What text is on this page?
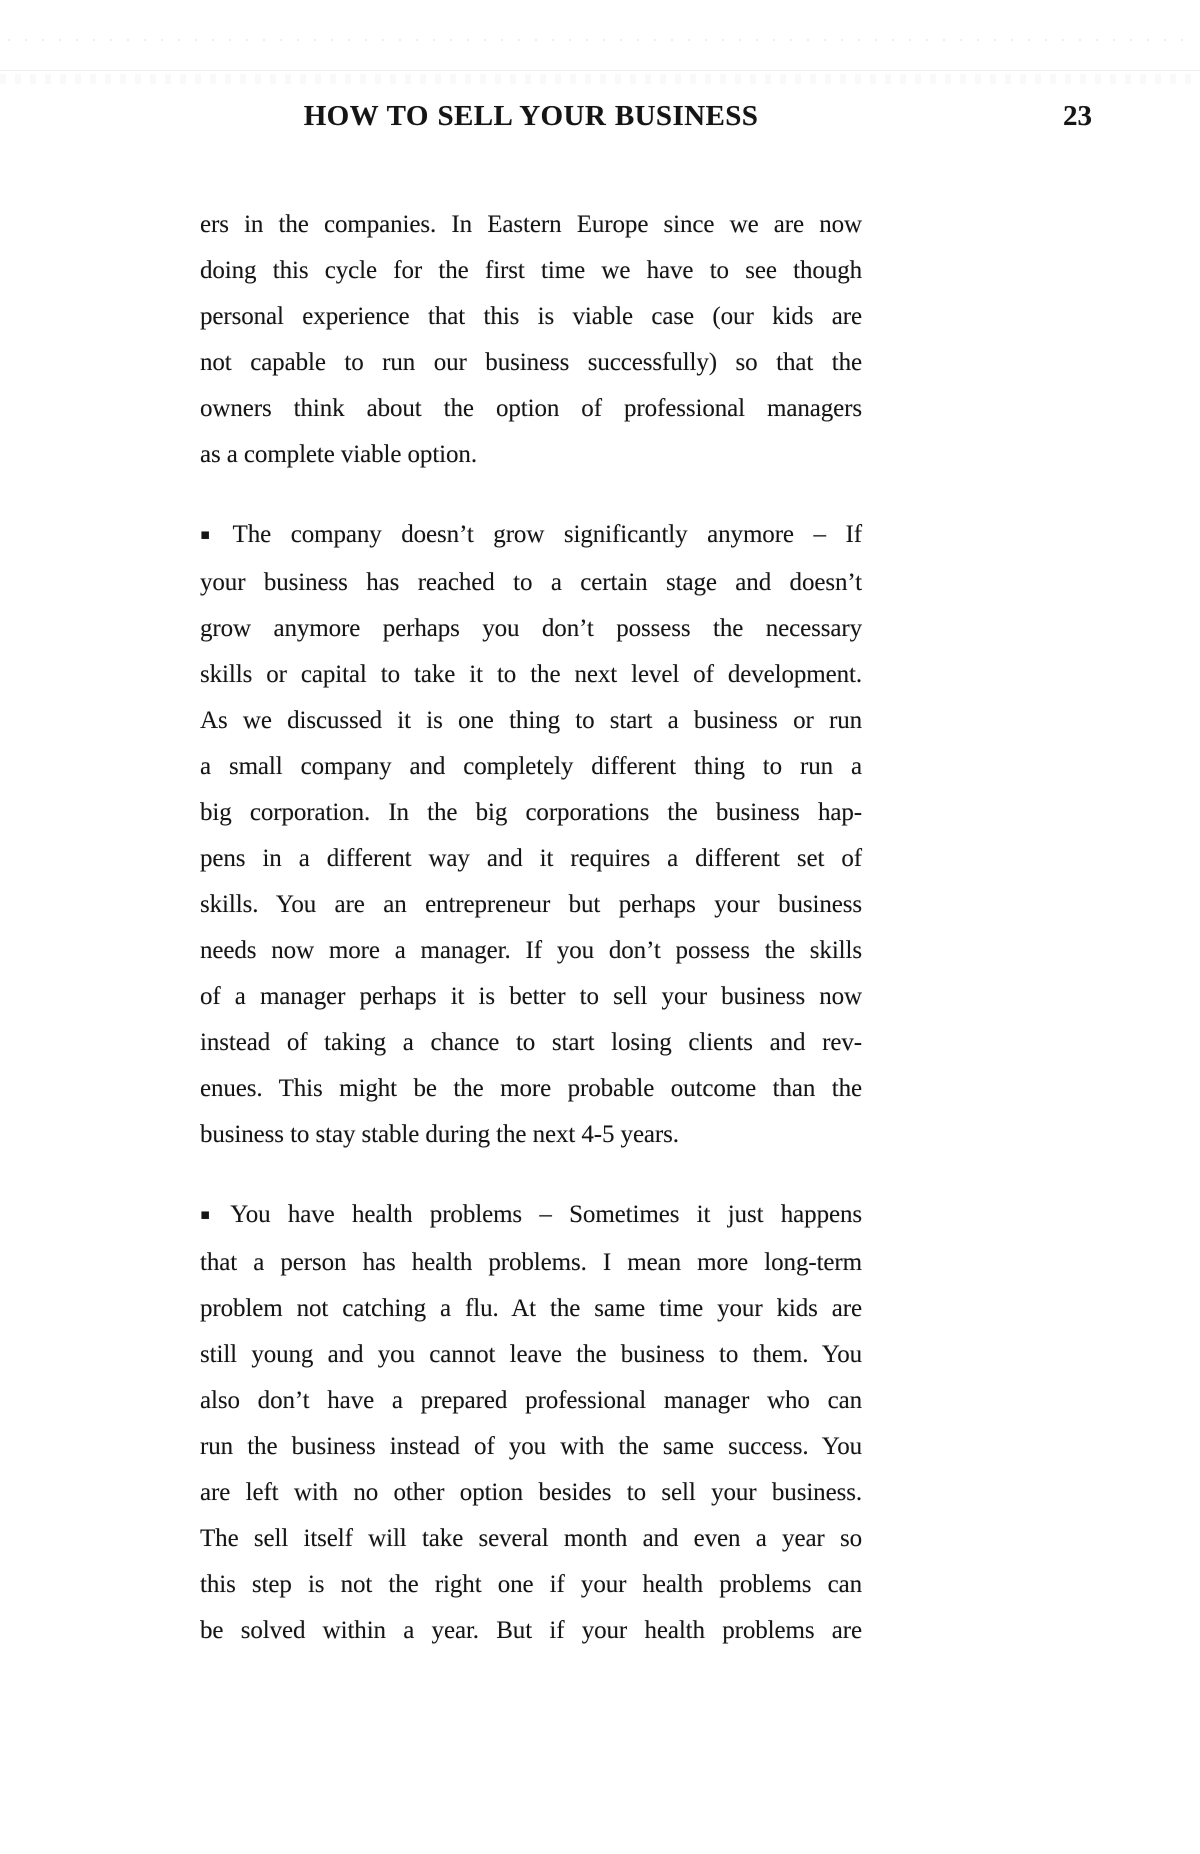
HOW TO SELL YOUR BUSINESS	23
ers in the companies. In Eastern Europe since we are now
doing this cycle for the first time we have to see though
personal experience that this is viable case (our kids are
not capable to run our business successfully) so that the
owners think about the option of professional managers
as a complete viable option.
▪ The company doesn’t grow significantly anymore – If
your business has reached to a certain stage and doesn’t
grow anymore perhaps you don’t possess the necessary
skills or capital to take it to the next level of development.
As we discussed it is one thing to start a business or run
a small company and completely different thing to run a
big corporation. In the big corporations the business hap-
pens in a different way and it requires a different set of
skills. You are an entrepreneur but perhaps your business
needs now more a manager. If you don’t possess the skills
of a manager perhaps it is better to sell your business now
instead of taking a chance to start losing clients and rev-
enues. This might be the more probable outcome than the
business to stay stable during the next 4-5 years.
▪ You have health problems – Sometimes it just happens
that a person has health problems. I mean more long-term
problem not catching a flu. At the same time your kids are
still young and you cannot leave the business to them. You
also don’t have a prepared professional manager who can
run the business instead of you with the same success. You
are left with no other option besides to sell your business.
The sell itself will take several month and even a year so
this step is not the right one if your health problems can
be solved within a year. But if your health problems are
